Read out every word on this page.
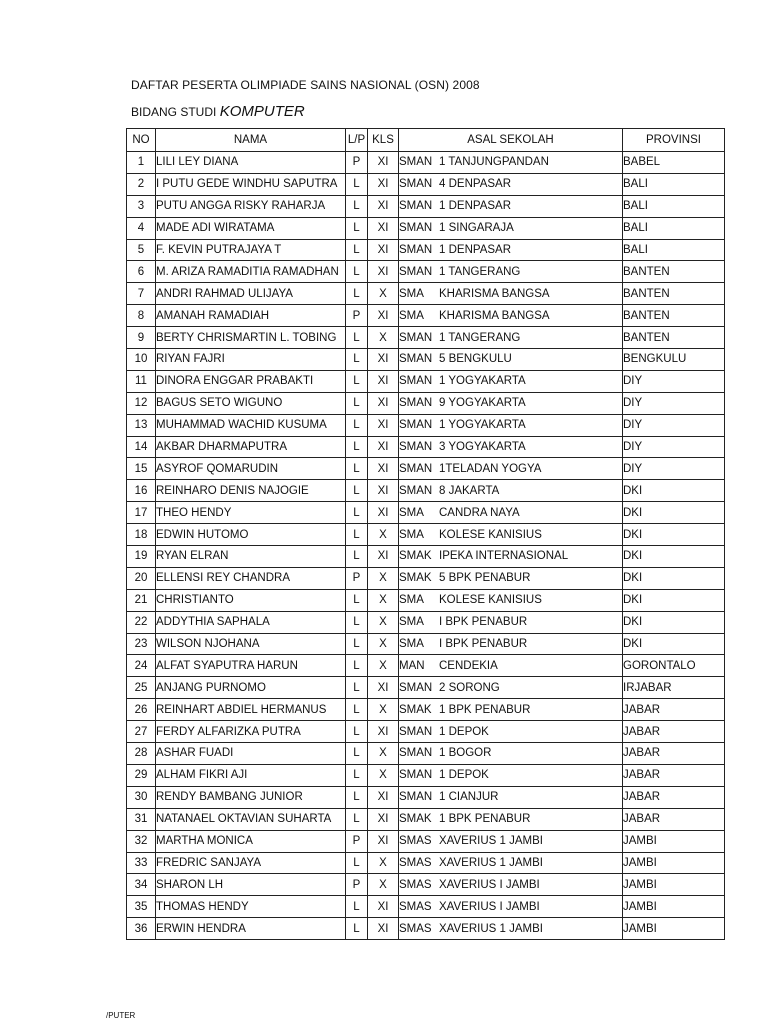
DAFTAR PESERTA OLIMPIADE SAINS NASIONAL (OSN) 2008
BIDANG STUDI KOMPUTER
NO	NAMA	L/P	KLS	ASAL SEKOLAH	PROVINSI
1	LILI LEY DIANA	P	XI	SMAN 1 TANJUNGPANDAN	BABEL
2	I PUTU GEDE WINDHU SAPUTRA	L	XI	SMAN 4 DENPASAR	BALI
3	PUTU ANGGA RISKY RAHARJA	L	XI	SMAN 1 DENPASAR	BALI
4	MADE ADI WIRATAMA	L	XI	SMAN 1 SINGARAJA	BALI
5	F. KEVIN PUTRAJAYA T	L	XI	SMAN 1 DENPASAR	BALI
6	M. ARIZA RAMADITIA RAMADHAN	L	XI	SMAN 1 TANGERANG	BANTEN
7	ANDRI RAHMAD ULIJAYA	L	X	SMA KHARISMA BANGSA	BANTEN
8	AMANAH RAMADIAH	P	XI	SMA KHARISMA BANGSA	BANTEN
9	BERTY CHRISMARTIN L. TOBING	L	X	SMAN 1 TANGERANG	BANTEN
10	RIYAN FAJRI	L	XI	SMAN 5 BENGKULU	BENGKULU
11	DINORA ENGGAR PRABAKTI	L	XI	SMAN 1 YOGYAKARTA	DIY
12	BAGUS SETO WIGUNO	L	XI	SMAN 9 YOGYAKARTA	DIY
13	MUHAMMAD WACHID KUSUMA	L	XI	SMAN 1 YOGYAKARTA	DIY
14	AKBAR DHARMAPUTRA	L	XI	SMAN 3 YOGYAKARTA	DIY
15	ASYROF QOMARUDIN	L	XI	SMAN 1TELADAN YOGYA	DIY
16	REINHARO DENIS NAJOGIE	L	XI	SMAN 8 JAKARTA	DKI
17	THEO HENDY	L	XI	SMA CANDRA NAYA	DKI
18	EDWIN HUTOMO	L	X	SMA KOLESE KANISIUS	DKI
19	RYAN ELRAN	L	XI	SMAK IPEKA INTERNASIONAL	DKI
20	ELLENSI REY CHANDRA	P	X	SMAK 5 BPK PENABUR	DKI
21	CHRISTIANTO	L	X	SMA KOLESE KANISIUS	DKI
22	ADDYTHIA SAPHALA	L	X	SMA I BPK PENABUR	DKI
23	WILSON NJOHANA	L	X	SMA I BPK PENABUR	DKI
24	ALFAT SYAPUTRA HARUN	L	X	MAN CENDEKIA	GORONTALO
25	ANJANG PURNOMO	L	XI	SMAN 2 SORONG	IRJABAR
26	REINHART ABDIEL HERMANUS	L	X	SMAK 1 BPK PENABUR	JABAR
27	FERDY ALFARIZKA PUTRA	L	XI	SMAN 1 DEPOK	JABAR
28	ASHAR FUADI	L	X	SMAN 1 BOGOR	JABAR
29	ALHAM FIKRI AJI	L	X	SMAN 1 DEPOK	JABAR
30	RENDY BAMBANG JUNIOR	L	XI	SMAN 1 CIANJUR	JABAR
31	NATANAEL OKTAVIAN SUHARTA	L	XI	SMAK 1 BPK PENABUR	JABAR
32	MARTHA MONICA	P	XI	SMAS XAVERIUS 1 JAMBI	JAMBI
33	FREDRIC SANJAYA	L	X	SMAS XAVERIUS 1 JAMBI	JAMBI
34	SHARON LH	P	X	SMAS XAVERIUS I JAMBI	JAMBI
35	THOMAS HENDY	L	XI	SMAS XAVERIUS I JAMBI	JAMBI
36	ERWIN HENDRA	L	XI	SMAS XAVERIUS 1 JAMBI	JAMBI
/PUTER
